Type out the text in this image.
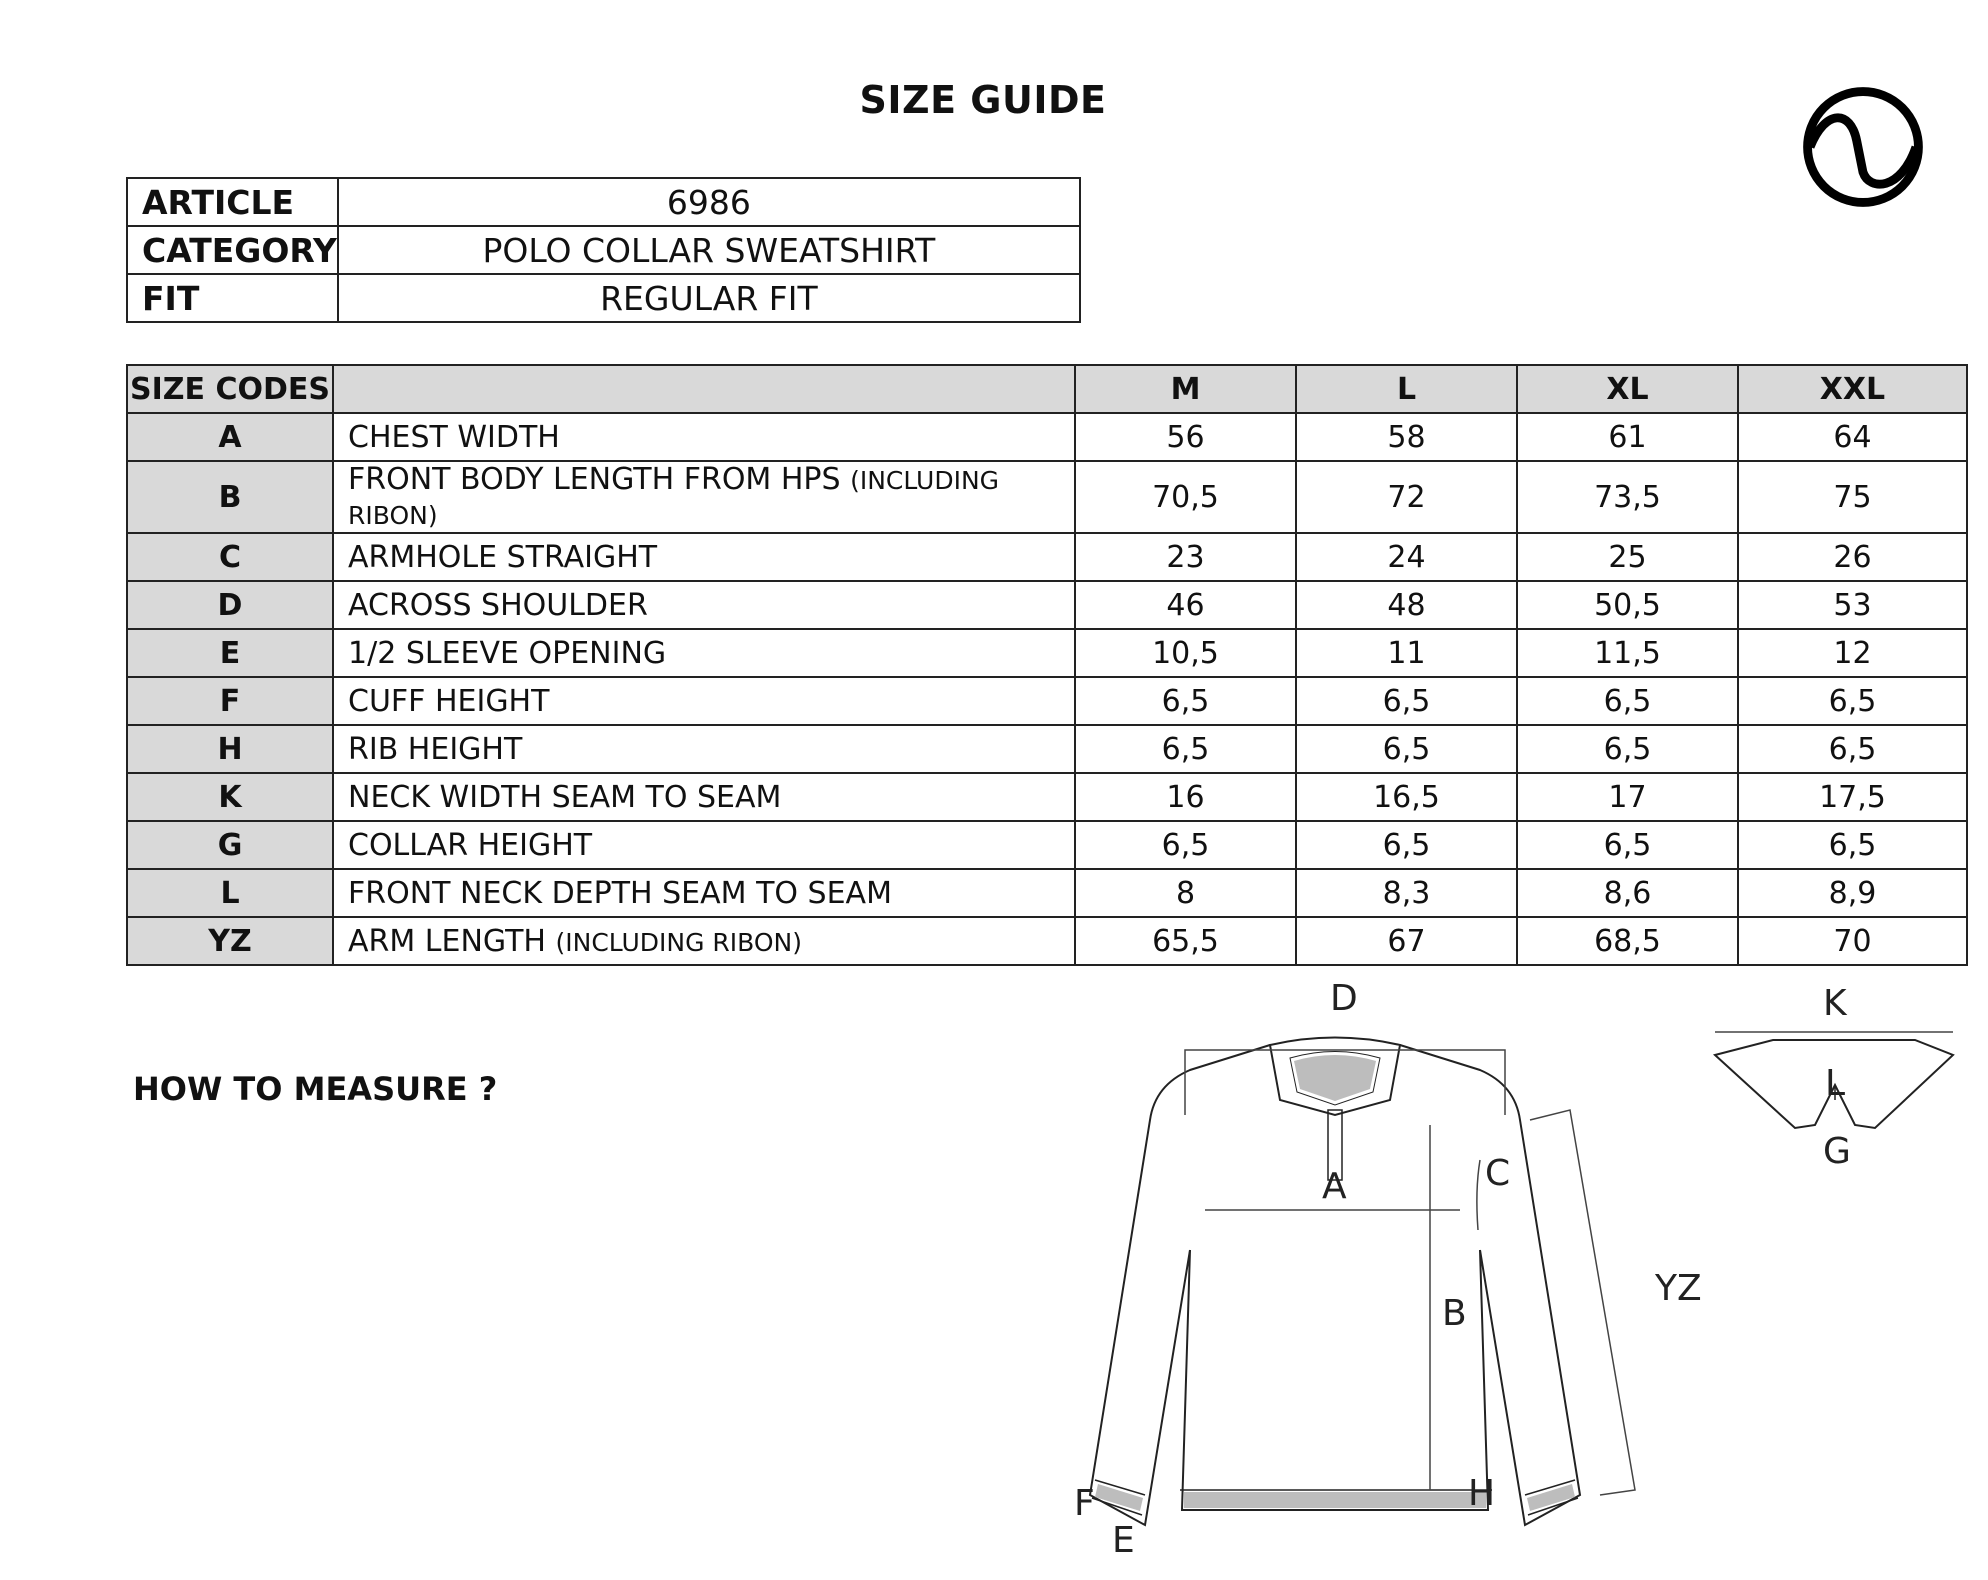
SIZE GUIDE
ARTICLE	6986
CATEGORY	POLO COLLAR SWEATSHIRT
FIT	REGULAR FIT
SIZE CODES		M	L	XL	XXL
A	CHEST WIDTH	56	58	61	64
B	FRONT BODY LENGTH FROM HPS (INCLUDING RIBON)	70,5	72	73,5	75
C	ARMHOLE STRAIGHT	23	24	25	26
D	ACROSS SHOULDER	46	48	50,5	53
E	1/2 SLEEVE OPENING	10,5	11	11,5	12
F	CUFF HEIGHT	6,5	6,5	6,5	6,5
H	RIB HEIGHT	6,5	6,5	6,5	6,5
K	NECK WIDTH SEAM TO SEAM	16	16,5	17	17,5
G	COLLAR HEIGHT	6,5	6,5	6,5	6,5
L	FRONT NECK DEPTH SEAM TO SEAM	8	8,3	8,6	8,9
YZ	ARM LENGTH (INCLUDING RIBON)	65,5	67	68,5	70
HOW TO MEASURE ?
D
A
B
C
YZ
H
F
E
K
L
G
